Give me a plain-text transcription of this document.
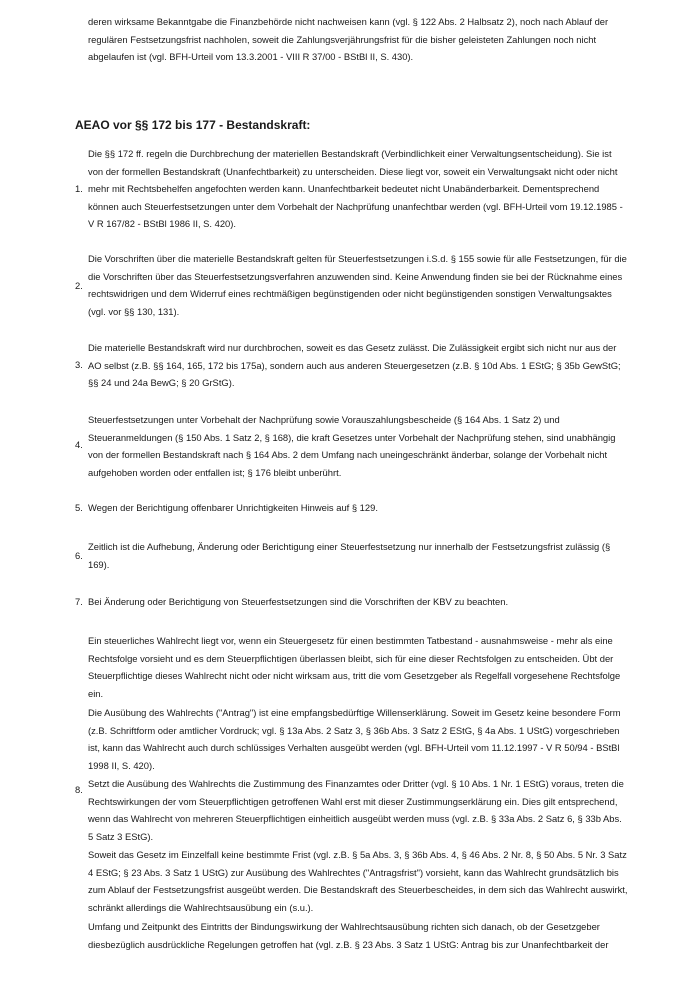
deren wirksame Bekanntgabe die Finanzbehörde nicht nachweisen kann (vgl. § 122 Abs. 2 Halbsatz 2), noch nach Ablauf der regulären Festsetzungsfrist nachholen, soweit die Zahlungsverjährungsfrist für die bisher geleisteten Zahlungen noch nicht abgelaufen ist (vgl. BFH-Urteil vom 13.3.2001 - VIII R 37/00 - BStBl II, S. 430).

AEAO vor §§ 172 bis 177 - Bestandskraft:
1.

Die §§ 172 ff. regeln die Durchbrechung der materiellen Bestandskraft (Verbindlichkeit einer Verwaltungsentscheidung). Sie ist von der formellen Bestandskraft (Unanfechtbarkeit) zu unterscheiden. Diese liegt vor, soweit ein Verwaltungsakt nicht oder nicht mehr mit Rechtsbehelfen angefochten werden kann. Unanfechtbarkeit bedeutet nicht Unabänderbarkeit. Dementsprechend können auch Steuerfestsetzungen unter dem Vorbehalt der Nachprüfung unanfechtbar werden (vgl. BFH-Urteil vom 19.12.1985 - V R 167/82 - BStBl 1986 II, S. 420).

2.

Die Vorschriften über die materielle Bestandskraft gelten für Steuerfestsetzungen i.S.d. § 155 sowie für alle Festsetzungen, für die die Vorschriften über das Steuerfestsetzungsverfahren anzuwenden sind. Keine Anwendung finden sie bei der Rücknahme eines rechtswidrigen und dem Widerruf eines rechtmäßigen begünstigenden oder nicht begünstigenden sonstigen Verwaltungsaktes (vgl. vor §§ 130, 131).

3.

Die materielle Bestandskraft wird nur durchbrochen, soweit es das Gesetz zulässt. Die Zulässigkeit ergibt sich nicht nur aus der AO selbst (z.B. §§ 164, 165, 172 bis 175a), sondern auch aus anderen Steuergesetzen (z.B. § 10d Abs. 1 EStG; § 35b GewStG; §§ 24 und 24a BewG; § 20 GrStG).

4.

Steuerfestsetzungen unter Vorbehalt der Nachprüfung sowie Vorauszahlungsbescheide (§ 164 Abs. 1 Satz 2) und Steueranmeldungen (§ 150 Abs. 1 Satz 2, § 168), die kraft Gesetzes unter Vorbehalt der Nachprüfung stehen, sind unabhängig von der formellen Bestandskraft nach § 164 Abs. 2 dem Umfang nach uneingeschränkt änderbar, solange der Vorbehalt nicht aufgehoben worden oder entfallen ist; § 176 bleibt unberührt.

5. Wegen der Berichtigung offenbarer Unrichtigkeiten Hinweis auf § 129.

6.

Zeitlich ist die Aufhebung, Änderung oder Berichtigung einer Steuerfestsetzung nur innerhalb der Festsetzungsfrist zulässig (§ 169).

7. Bei Änderung oder Berichtigung von Steuerfestsetzungen sind die Vorschriften der KBV zu beachten.

8.

Ein steuerliches Wahlrecht liegt vor, wenn ein Steuergesetz für einen bestimmten Tatbestand - ausnahmsweise - mehr als eine Rechtsfolge vorsieht und es dem Steuerpflichtigen überlassen bleibt, sich für eine dieser Rechtsfolgen zu entscheiden. Übt der Steuerpflichtige dieses Wahlrecht nicht oder nicht wirksam aus, tritt die vom Gesetzgeber als Regelfall vorgesehene Rechtsfolge ein.

Die Ausübung des Wahlrechts ("Antrag") ist eine empfangsbedürftige Willenserklärung. Soweit im Gesetz keine besondere Form (z.B. Schriftform oder amtlicher Vordruck; vgl. § 13a Abs. 2 Satz 3, § 36b Abs. 3 Satz 2 EStG, § 4a Abs. 1 UStG) vorgeschrieben ist, kann das Wahlrecht auch durch schlüssiges Verhalten ausgeübt werden (vgl. BFH-Urteil vom 11.12.1997 - V R 50/94 - BStBl 1998 II, S. 420).

Setzt die Ausübung des Wahlrechts die Zustimmung des Finanzamtes oder Dritter (vgl. § 10 Abs. 1 Nr. 1 EStG) voraus, treten die Rechtswirkungen der vom Steuerpflichtigen getroffenen Wahl erst mit dieser Zustimmungserklärung ein. Dies gilt entsprechend, wenn das Wahlrecht von mehreren Steuerpflichtigen einheitlich ausgeübt werden muss (vgl. z.B. § 33a Abs. 2 Satz 6, § 33b Abs. 5 Satz 3 EStG).

Soweit das Gesetz im Einzelfall keine bestimmte Frist (vgl. z.B. § 5a Abs. 3, § 36b Abs. 4, § 46 Abs. 2 Nr. 8, § 50 Abs. 5 Nr. 3 Satz 4 EStG; § 23 Abs. 3 Satz 1 UStG) zur Ausübung des Wahlrechtes ("Antragsfrist") vorsieht, kann das Wahlrecht grundsätzlich bis zum Ablauf der Festsetzungsfrist ausgeübt werden. Die Bestandskraft des Steuerbescheides, in dem sich das Wahlrecht auswirkt, schränkt allerdings die Wahlrechtsausübung ein (s.u.).

Umfang und Zeitpunkt des Eintritts der Bindungswirkung der Wahlrechtsausübung richten sich danach, ob der Gesetzgeber diesbezüglich ausdrückliche Regelungen getroffen hat (vgl. z.B. § 23 Abs. 3 Satz 1 UStG: Antrag bis zur Unanfechtbarkeit der
